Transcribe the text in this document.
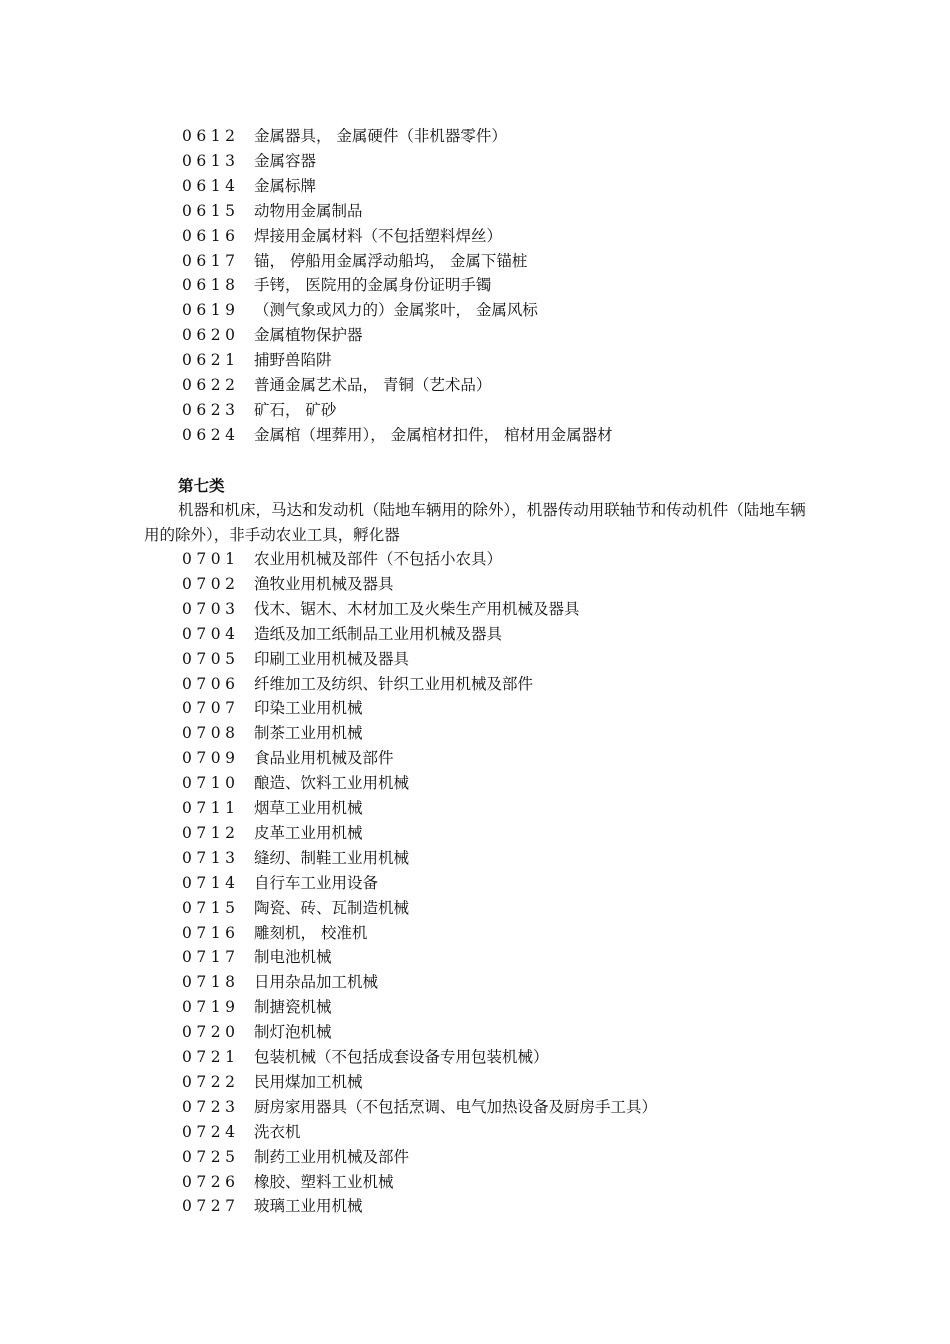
0 6 1 2 金属器具， 金属硬件（非机器零件）
0 6 1 3 金属容器
0 6 1 4 金属标牌
0 6 1 5 动物用金属制品
0 6 1 6 焊接用金属材料（不包括塑料焊丝）
0 6 1 7 锚， 停船用金属浮动船坞， 金属下锚桩
0 6 1 8 手铐， 医院用的金属身份证明手镯
0 6 1 9 （测气象或风力的）金属浆叶， 金属风标
0 6 2 0 金属植物保护器
0 6 2 1 捕野兽陷阱
0 6 2 2 普通金属艺术品， 青铜（艺术品）
0 6 2 3 矿石， 矿砂
0 6 2 4 金属棺（埋葬用）， 金属棺材扣件， 棺材用金属器材
第七类
机器和机床，马达和发动机（陆地车辆用的除外），机器传动用联轴节和传动机件（陆地车辆用的除外），非手动农业工具，孵化器
0 7 0 1 农业用机械及部件（不包括小农具）
0 7 0 2 渔牧业用机械及器具
0 7 0 3 伐木、锯木、木材加工及火柴生产用机械及器具
0 7 0 4 造纸及加工纸制品工业用机械及器具
0 7 0 5 印刷工业用机械及器具
0 7 0 6 纤维加工及纺织、针织工业用机械及部件
0 7 0 7 印染工业用机械
0 7 0 8 制茶工业用机械
0 7 0 9 食品业用机械及部件
0 7 1 0 酿造、饮料工业用机械
0 7 1 1 烟草工业用机械
0 7 1 2 皮革工业用机械
0 7 1 3 缝纫、制鞋工业用机械
0 7 1 4 自行车工业用设备
0 7 1 5 陶瓷、砖、瓦制造机械
0 7 1 6 雕刻机， 校准机
0 7 1 7 制电池机械
0 7 1 8 日用杂品加工机械
0 7 1 9 制搪瓷机械
0 7 2 0 制灯泡机械
0 7 2 1 包装机械（不包括成套设备专用包装机械）
0 7 2 2 民用煤加工机械
0 7 2 3 厨房家用器具（不包括烹调、电气加热设备及厨房手工具）
0 7 2 4 洗衣机
0 7 2 5 制药工业用机械及部件
0 7 2 6 橡胶、塑料工业机械
0 7 2 7 玻璃工业用机械
